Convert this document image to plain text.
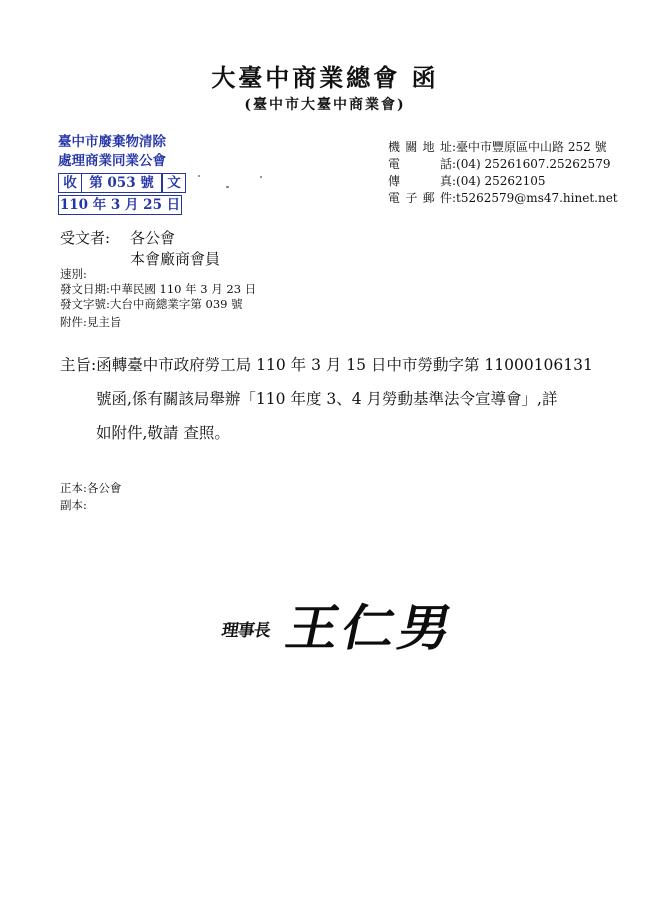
大臺中商業總會 函
(臺中市大臺中商業會)
臺中市廢棄物清除
處理商業同業公會
收 第 053 號 文
110 年 3 月 25 日
機關地址:臺中市豐原區中山路 252 號
電話:(04) 25261607.25262579
傳真:(04) 25262105
電子郵件:t5262579@ms47.hinet.net
受文者: 各公會
本會廠商會員
速別:
發文日期:中華民國 110 年 3 月 23 日
發文字號:大台中商總業字第 039 號
附件:見主旨
主旨:函轉臺中市政府勞工局 110 年 3 月 15 日中市勞動字第 11000106131
號函,係有關該局舉辦「110 年度 3、4 月勞動基準法令宣導會」,詳
如附件,敬請 查照。
正本:各公會
副本:
理事長 王仁男
